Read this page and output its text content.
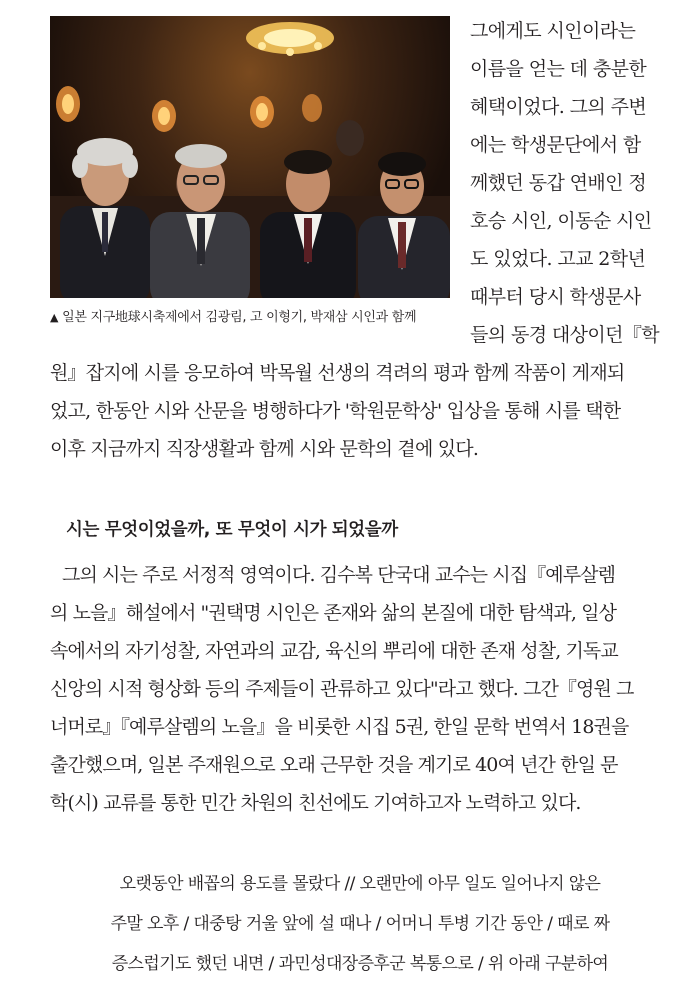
▲ 일본 지구地球시축제에서 김광림, 고 이형기, 박재삼 시인과 함께
그에게도 시인이라는
이름을 얻는 데 충분한
혜택이었다. 그의 주변
에는 학생문단에서 함
께했던 동갑 연배인 정
호승 시인, 이동순 시인
도 있었다. 고교 2학년
때부터 당시 학생문사
들의 동경 대상이던『학
원』잡지에 시를 응모하여 박목월 선생의 격려의 평과 함께 작품이 게재되
었고, 한동안 시와 산문을 병행하다가 '학원문학상' 입상을 통해 시를 택한
이후 지금까지 직장생활과 함께 시와 문학의 곁에 있다.
시는 무엇이었을까, 또 무엇이 시가 되었을까
그의 시는 주로 서정적 영역이다. 김수복 단국대 교수는 시집『예루살렘
의 노을』해설에서 "권택명 시인은 존재와 삶의 본질에 대한 탐색과, 일상
속에서의 자기성찰, 자연과의 교감, 육신의 뿌리에 대한 존재 성찰, 기독교
신앙의 시적 형상화 등의 주제들이 관류하고 있다"라고 했다. 그간『영원 그
너머로』『예루살렘의 노을』을 비롯한 시집 5권, 한일 문학 번역서 18권을
출간했으며, 일본 주재원으로 오래 근무한 것을 계기로 40여 년간 한일 문
학(시) 교류를 통한 민간 차원의 친선에도 기여하고자 노력하고 있다.
오랫동안 배꼽의 용도를 몰랐다 // 오랜만에 아무 일도 일어나지 않은
주말 오후 / 대중탕 거울 앞에 설 때나 / 어머니 투병 기간 동안 / 때로 짜
증스럽기도 했던 내면 / 과민성대장증후군 복통으로 / 위 아래 구분하여
